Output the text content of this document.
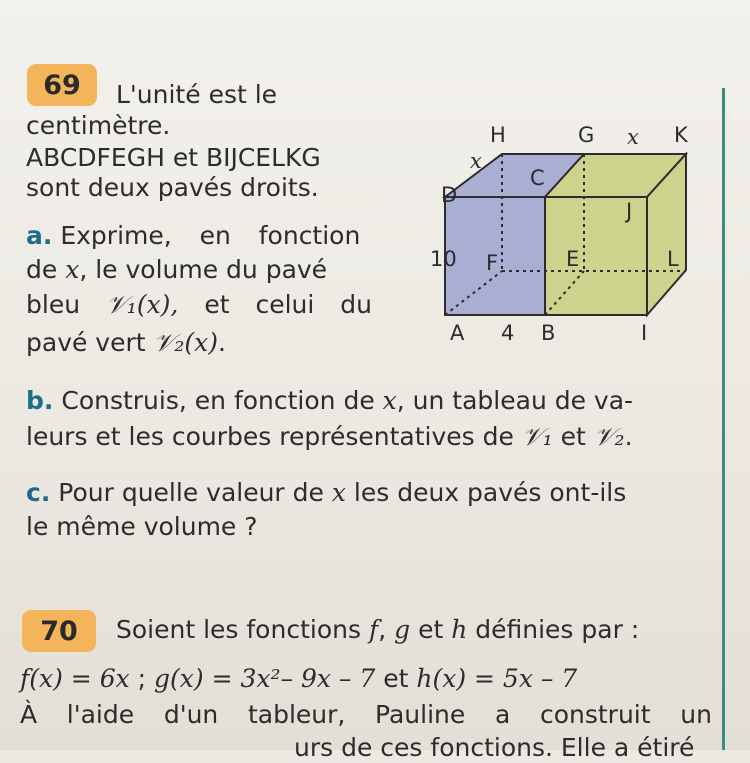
69	L'unité est le
centimètre.
ABCDFEGH et BIJCELKG
sont deux pavés droits.
a. Exprime, en fonction
de x, le volume du pavé
bleu 𝒱₁(x), et celui du
pavé vert 𝒱₂(x).
b. Construis, en fonction de x, un tableau de va-
leurs et les courbes représentatives de 𝒱₁ et 𝒱₂.
c. Pour quelle valeur de x les deux pavés ont-ils
le même volume ?
H	G x K
x
C
D
J
10 F	E	L
A 4 B	I
70	Soient les fonctions f, g et h définies par :
f(x) = 6x ; g(x) = 3x²– 9x – 7 et h(x) = 5x – 7
À l'aide d'un tableur, Pauline a construit un
urs de ces fonctions. Elle a étiré
